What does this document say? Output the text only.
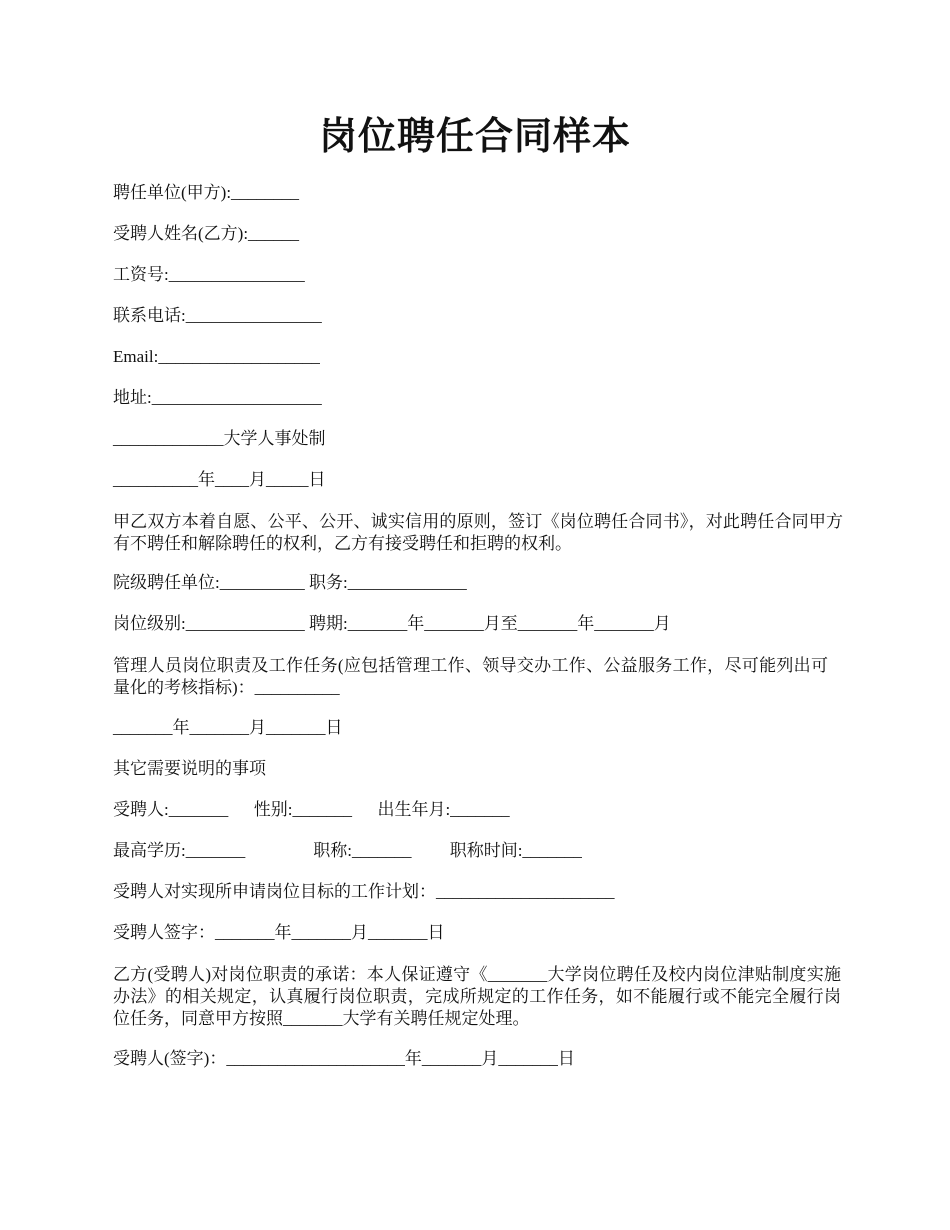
岗位聘任合同样本
聘任单位(甲方):________
受聘人姓名(乙方):______
工资号:________________
联系电话:________________
Email:___________________
地址:____________________
_____________大学人事处制
__________年____月_____日
甲乙双方本着自愿、公平、公开、诚实信用的原则，签订《岗位聘任合同书》，对此聘任合同甲方有不聘任和解除聘任的权利，乙方有接受聘任和拒聘的权利。
院级聘任单位:__________ 职务:______________
岗位级别:______________ 聘期:_______年_______月至_______年_______月
管理人员岗位职责及工作任务(应包括管理工作、领导交办工作、公益服务工作，尽可能列出可量化的考核指标)：__________
_______年_______月_______日
其它需要说明的事项
受聘人:_______      性别:_______      出生年月:_______
最高学历:_______                职称:_______         职称时间:_______
受聘人对实现所申请岗位目标的工作计划：_____________________
受聘人签字：_______年_______月_______日
乙方(受聘人)对岗位职责的承诺：本人保证遵守《_______大学岗位聘任及校内岗位津贴制度实施办法》的相关规定，认真履行岗位职责，完成所规定的工作任务，如不能履行或不能完全履行岗位任务，同意甲方按照_______大学有关聘任规定处理。
受聘人(签字)：_____________________年_______月_______日
